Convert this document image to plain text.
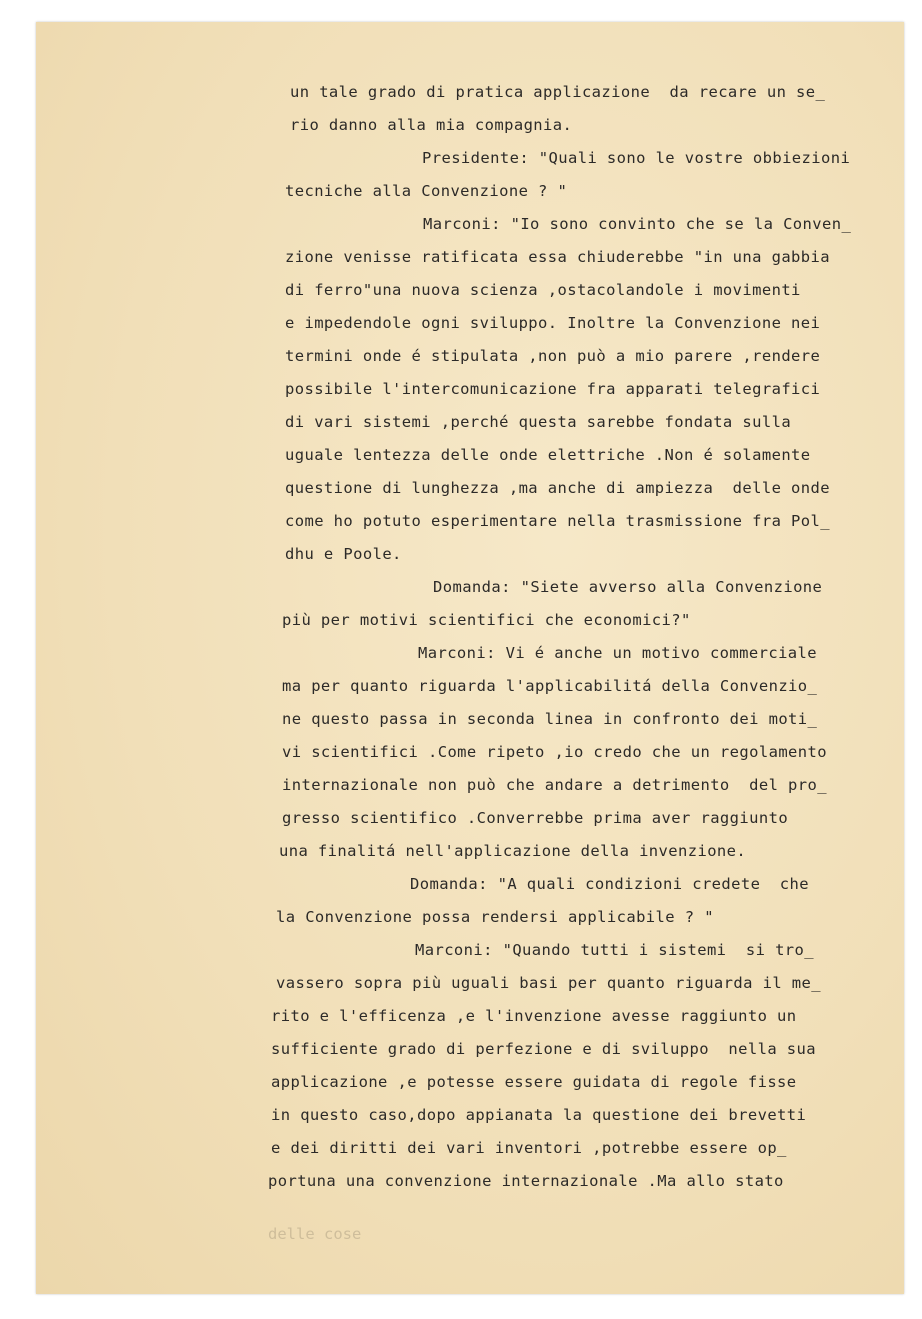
un tale grado di pratica applicazione  da recare un se_
rio danno alla mia compagnia.
Presidente: "Quali sono le vostre obbiezioni
tecniche alla Convenzione ? "
Marconi: "Io sono convinto che se la Conven_
zione venisse ratificata essa chiuderebbe "in una gabbia
di ferro"una nuova scienza ,ostacolandole i movimenti
e impedendole ogni sviluppo. Inoltre la Convenzione nei
termini onde é stipulata ,non può a mio parere ,rendere
possibile l'intercomunicazione fra apparati telegrafici
di vari sistemi ,perché questa sarebbe fondata sulla
uguale lentezza delle onde elettriche .Non é solamente
questione di lunghezza ,ma anche di ampiezza  delle onde
come ho potuto esperimentare nella trasmissione fra Pol_
dhu e Poole.
Domanda: "Siete avverso alla Convenzione
più per motivi scientifici che economici?"
Marconi: Vi é anche un motivo commerciale
ma per quanto riguarda l'applicabilitá della Convenzio_
ne questo passa in seconda linea in confronto dei moti_
vi scientifici .Come ripeto ,io credo che un regolamento
internazionale non può che andare a detrimento  del pro_
gresso scientifico .Converrebbe prima aver raggiunto
una finalitá nell'applicazione della invenzione.
Domanda: "A quali condizioni credete  che
la Convenzione possa rendersi applicabile ? "
Marconi: "Quando tutti i sistemi  si tro_
vassero sopra più uguali basi per quanto riguarda il me_
rito e l'efficenza ,e l'invenzione avesse raggiunto un
sufficiente grado di perfezione e di sviluppo  nella sua
applicazione ,e potesse essere guidata di regole fisse
in questo caso,dopo appianata la questione dei brevetti
e dei diritti dei vari inventori ,potrebbe essere op_
portuna una convenzione internazionale .Ma allo stato
delle cose
